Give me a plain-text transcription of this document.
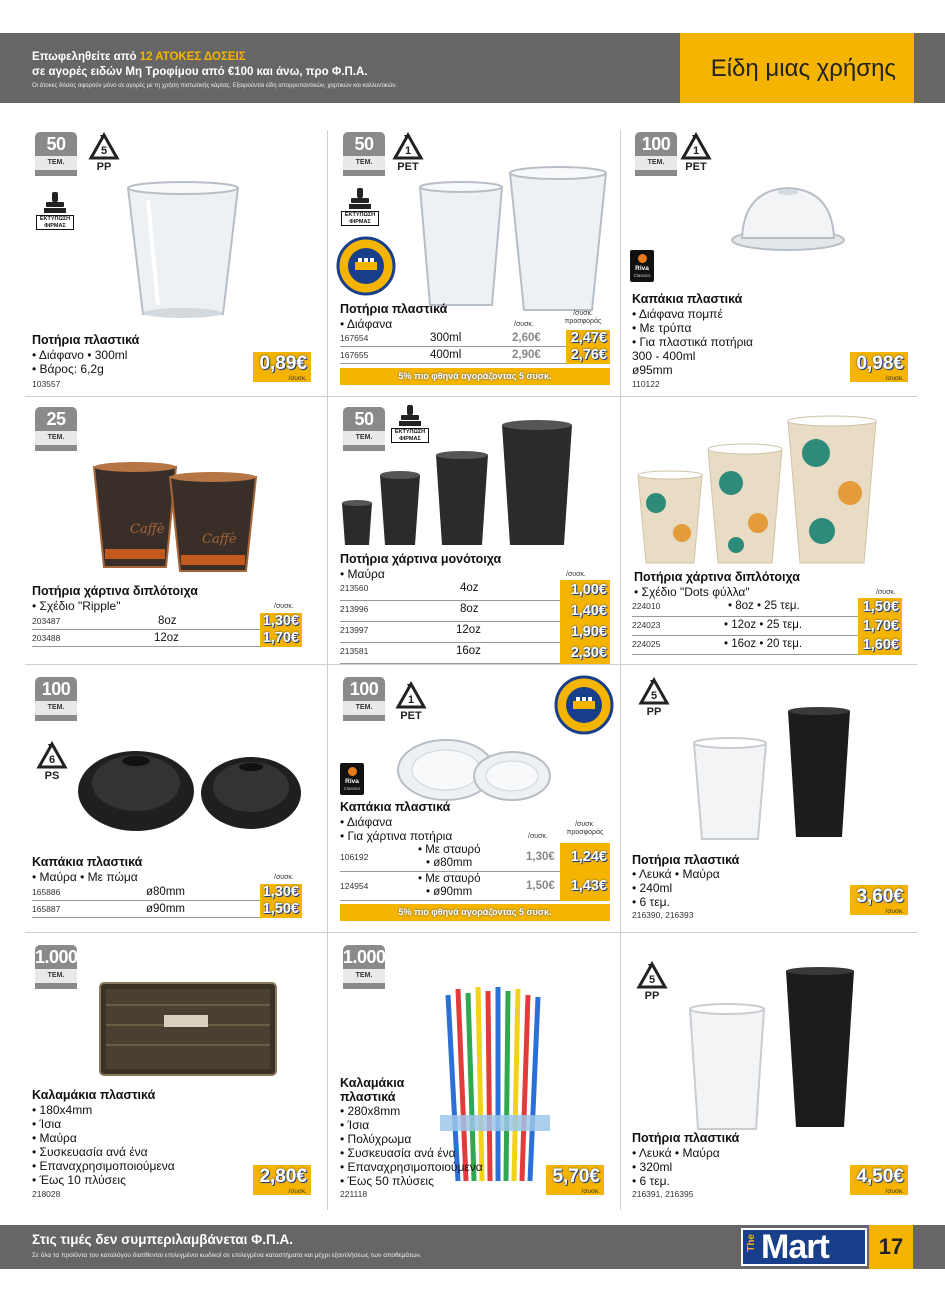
Επωφεληθείτε από 12 ΑΤΟΚΕΣ ΔΟΣΕΙΣ
σε αγορές ειδών Μη Τροφίμου από €100 και άνω, προ Φ.Π.Α.
Οι άτοκες δόσεις αφορούν μόνο σε αγορές με τη χρήση πιστωτικής κάρτας. Εξαιρούνται είδη απορρυπαντικών, χαρτικών και καλλυντικών.
Είδη μιας χρήσης
50
ΤΕΜ.
5
PP
ΕΚΤΥΠΩΣΗ ΦΙΡΜΑΣ
Ποτήρια πλαστικά
• Διάφανο • 300ml
• Βάρος: 6,2g
103557
0,89€
/συσκ.
50
ΤΕΜ.
1
PET
ΕΚΤΥΠΩΣΗ ΦΙΡΜΑΣ
Ποτήρια πλαστικά
• Διάφανα	/συσκ.
/συσκ. προσφοράς
167654	300ml	2,60€	2,47€
167655	400ml	2,90€	2,76€
5% πιο φθηνά αγοράζοντας 5 συσκ.
100
ΤΕΜ.
1
PET
Riva
Classics
Καπάκια πλαστικά
• Διάφανα πομπέ
• Με τρύπα
• Για πλαστικά ποτήρια
300 - 400ml
ø95mm
110122
0,98€
/συσκ.
25
ΤΕΜ.
Caffè
Caffè
Ποτήρια χάρτινα διπλότοιχα
• Σχέδιο "Ripple"	/συσκ.
203487	8oz	1,30€
203488	12oz	1,70€
50
ΤΕΜ.
ΕΚΤΥΠΩΣΗ ΦΙΡΜΑΣ
Ποτήρια χάρτινα μονότοιχα
• Μαύρα	/συσκ.
213560	4oz	1,00€
213996	8oz	1,40€
213997	12oz	1,90€
213581	16oz	2,30€
Ποτήρια χάρτινα διπλότοιχα
• Σχέδιο "Dots φύλλα"	/συσκ.
224010	• 8oz • 25 τεμ.	1,50€
224023	• 12oz • 25 τεμ.	1,70€
224025	• 16oz • 20 τεμ.	1,60€
100
ΤΕΜ.
6
PS
Καπάκια πλαστικά
• Μαύρα • Με πώμα	/συσκ.
165886	ø80mm	1,30€
165887	ø90mm	1,50€
100
ΤΕΜ.
1
PET
Riva
Classics
Καπάκια πλαστικά
• Διάφανα
• Για χάρτινα ποτήρια	/συσκ.
/συσκ. προσφοράς
106192
• Με σταυρό
• ø80mm	1,30€	1,24€
124954
• Με σταυρό
• ø90mm	1,50€	1,43€
5% πιο φθηνά αγοράζοντας 5 συσκ.
5
PP
Ποτήρια πλαστικά
• Λευκά • Μαύρα
• 240ml
• 6 τεμ.
216390, 216393
3,60€
/συσκ.
1.000
ΤΕΜ.
Καλαμάκια πλαστικά
• 180x4mm
• Ίσια
• Μαύρα
• Συσκευασία ανά ένα
• Επαναχρησιμοποιούμενα
• Έως 10 πλύσεις
218028
2,80€
/συσκ.
1.000
ΤΕΜ.
Καλαμάκια
πλαστικά
• 280x8mm
• Ίσια
• Πολύχρωμα
• Συσκευασία ανά ένα
• Επαναχρησιμοποιούμενα
• Έως 50 πλύσεις
221118
5,70€
/συσκ.
5
PP
Ποτήρια πλαστικά
• Λευκά • Μαύρα
• 320ml
• 6 τεμ.
216391, 216395
4,50€
/συσκ.
Στις τιμές δεν συμπεριλαμβάνεται Φ.Π.Α.
Σε όλα τα προϊόντα του καταλόγου διατίθενται επιλεγμένοι κωδικοί σε επιλεγμένα καταστήματα και μέχρι εξαντλήσεως των αποθεμάτων.
The Mart	17
